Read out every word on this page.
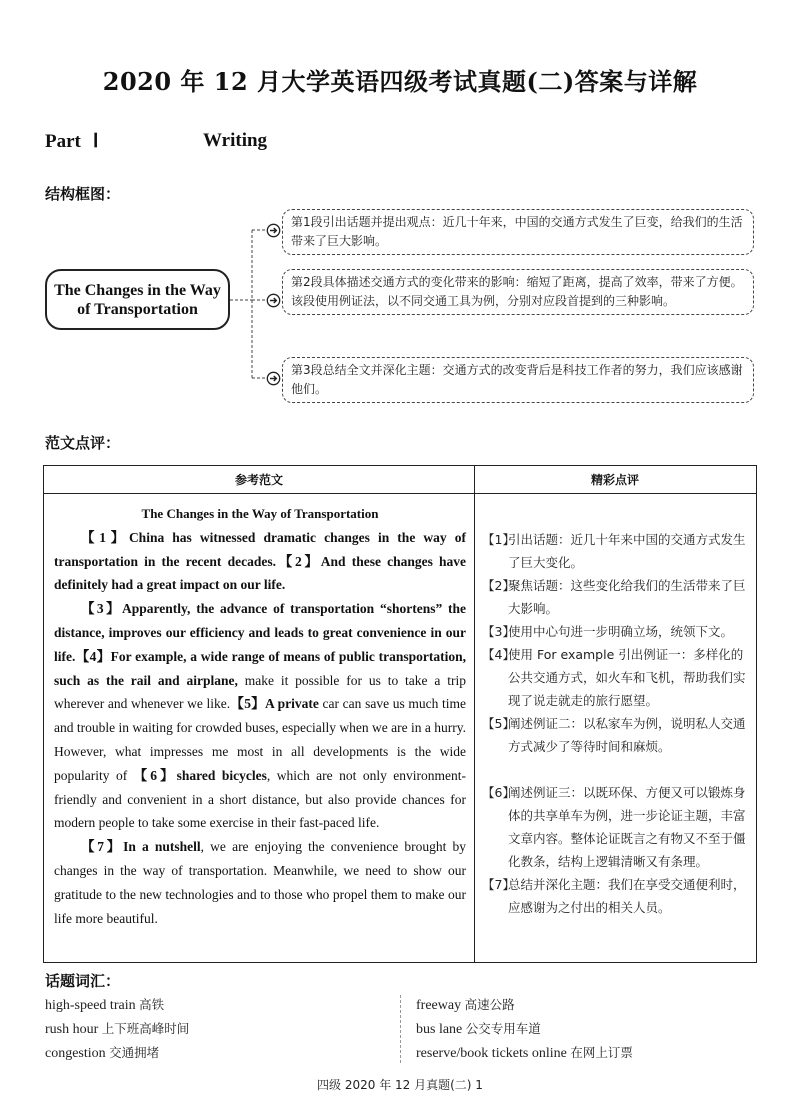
2020 年 12 月大学英语四级考试真题(二)答案与详解
Part Ⅰ	Writing
结构框图：
The Changes in the Way of Transportation
第1段引出话题并提出观点：近几十年来，中国的交通方式发生了巨变，给我们的生活带来了巨大影响。
第2段具体描述交通方式的变化带来的影响：缩短了距离，提高了效率，带来了方便。该段使用例证法，以不同交通工具为例，分别对应段首提到的三种影响。
第3段总结全文并深化主题：交通方式的改变背后是科技工作者的努力，我们应该感谢他们。
范文点评：
参考范文	精彩点评
The Changes in the Way of Transportation

【1】China has witnessed dramatic changes in the way of transportation in the recent decades.【2】And these changes have definitely had a great impact on our life.

【3】Apparently, the advance of transportation “shortens” the distance, improves our efficiency and leads to great convenience in our life.【4】For example, a wide range of means of public transportation, such as the rail and airplane, make it possible for us to take a trip wherever and whenever we like.【5】A private car can save us much time and trouble in waiting for crowded buses, especially when we are in a hurry. However, what impresses me most in all developments is the wide popularity of 【6】shared bicycles, which are not only environment-friendly and convenient in a short distance, but also provide chances for modern people to take some exercise in their fast-paced life.

【7】In a nutshell, we are enjoying the convenience brought by changes in the way of transportation. Meanwhile, we need to show our gratitude to the new technologies and to those who propel them to make our life more beautiful.

【1】
引出话题：近几十年来中国的交通方式发生了巨大变化。
【2】
聚焦话题：这些变化给我们的生活带来了巨大影响。
【3】
使用中心句进一步明确立场，统领下文。
【4】
使用 For example 引出例证一：多样化的公共交通方式，如火车和飞机，帮助我们实现了说走就走的旅行愿望。
【5】
阐述例证二：以私家车为例，说明私人交通方式减少了等待时间和麻烦。
【6】
阐述例证三：以既环保、方便又可以锻炼身体的共享单车为例，进一步论证主题，丰富文章内容。整体论证既言之有物又不至于僵化教条，结构上逻辑清晰又有条理。
【7】
总结并深化主题：我们在享受交通便利时，应感谢为之付出的相关人员。
话题词汇：
high-speed train 高铁
rush hour 上下班高峰时间
congestion 交通拥堵
freeway 高速公路
bus lane 公交专用车道
reserve/book tickets online 在网上订票
四级 2020 年 12 月真题(二) 1
